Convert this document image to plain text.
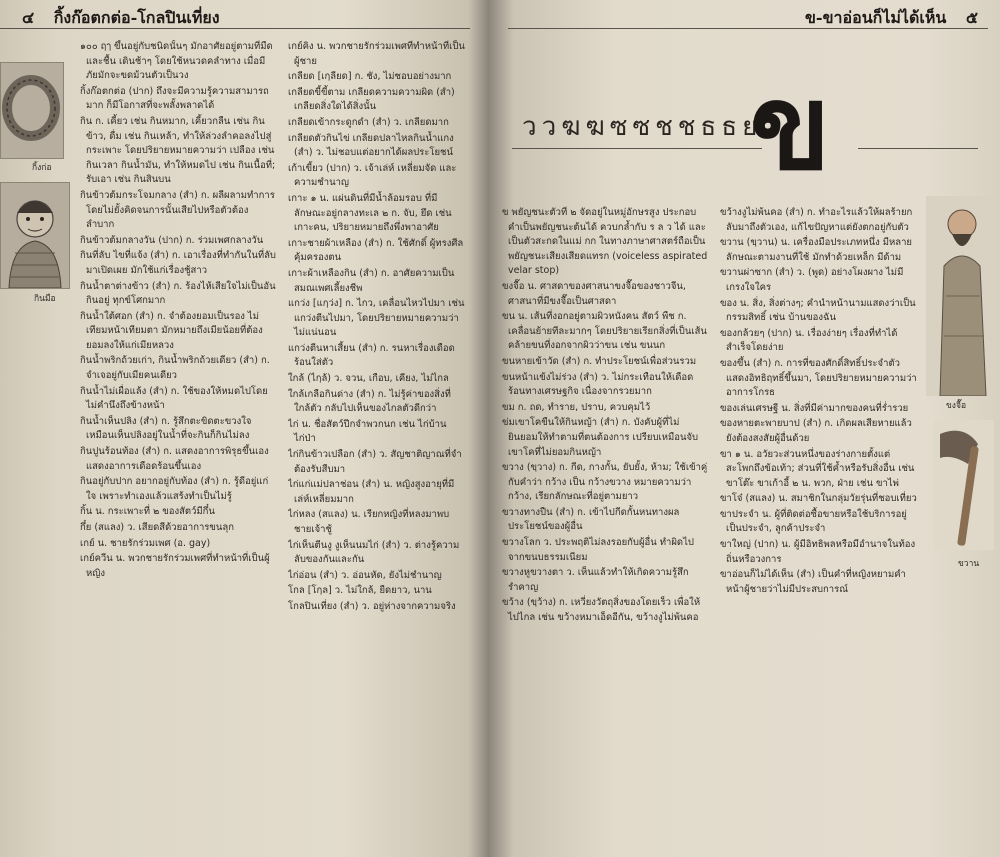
๔ กิ้งก๊อตกต่อ-โกลปินเที่ยง
กิ้งก่อ
กินมือ

๑๐๐ ฤๅ ขึ้นอยู่กับชนิดนั้นๆ มักอาศัยอยู่ตามที่มืดและชื้น เดินช้าๆ โดยใช้หนวดคลำทาง เมื่อมีภัยมักจะขดม้วนตัวเป็นวง

กิ้งก๊อตกต่อ (ปาก) ถึงจะมีความรู้ความสามารถมาก ก็มีโอกาสที่จะพลั้งพลาดได้

กิน ก. เคี้ยว เช่น กินหมาก, เคี้ยวกลืน เช่น กินข้าว, ดื่ม เช่น กินเหล้า, ทำให้ล่วงลำคอลงไปสู่กระเพาะ โดยปริยายหมายความว่า เปลือง เช่น กินเวลา กินน้ำมัน, ทำให้หมดไป เช่น กินเนื้อที่; รับเอา เช่น กินสินบน

กินข้าวต้มกระโจมกลาง (สำ) ก. ผลีผลามทำการโดยไม่ยั้งคิดจนการนั้นเสียไปหรือตัวต้องลำบาก

กินข้าวต้มกลางวัน (ปาก) ก. ร่วมเพศกลางวัน

กินที่ลับ ไขที่แจ้ง (สำ) ก. เอาเรื่องที่ทำกันในที่ลับมาเปิดเผย มักใช้แก่เรื่องชู้สาว

กินน้ำตาต่างข้าว (สำ) ก. ร้องไห้เสียใจไม่เป็นอันกินอยู่ ทุกข์โศกมาก

กินน้ำใต้ศอก (สำ) ก. จำต้องยอมเป็นรอง ไม่เทียมหน้าเทียมตา มักหมายถึงเมียน้อยที่ต้องยอมลงให้แก่เมียหลวง

กินน้ำพริกถ้วยเก่า, กินน้ำพริกถ้วยเดียว (สำ) ก. จำเจอยู่กับเมียคนเดียว

กินน้ำไม่เผื่อแล้ง (สำ) ก. ใช้ของให้หมดไปโดยไม่คำนึงถึงข้างหน้า

กินน้ำเห็นปลิง (สำ) ก. รู้สึกตะขิดตะขวงใจเหมือนเห็นปลิงอยู่ในน้ำที่จะกินก็กินไม่ลง

กินปูนร้อนท้อง (สำ) ก. แสดงอาการพิรุธขึ้นเอง แสดงอาการเดือดร้อนขึ้นเอง

กินอยู่กับปาก อยากอยู่กับท้อง (สำ) ก. รู้ดีอยู่แก่ใจ เพราะทำเองแล้วแสร้งทำเป็นไม่รู้

กิ้น น. กระเพาะที่ ๒ ของสัตว์มีกึ๋น

กึ๋ย (สแลง) ว. เสียดสีด้วยอาการขนลุก

เกย์ น. ชายรักร่วมเพศ (อ. gay)

เกย์ควีน น. พวกชายรักร่วมเพศที่ทำหน้าที่เป็นผู้หญิง

เกย์คิง น. พวกชายรักร่วมเพศที่ทำหน้าที่เป็นผู้ชาย

เกลียด [เกฺลียด] ก. ชัง, ไม่ชอบอย่างมาก

เกลียดขี้ขี้ตาม เกลียดความความผิด (สำ) เกลียดสิ่งใดได้สิ่งนั้น

เกลียดเข้ากระดูกดำ (สำ) ว. เกลียดมาก

เกลียดตัวกินไข่ เกลียดปลาไหลกินน้ำแกง (สำ) ว. ไม่ชอบแต่อยากได้ผลประโยชน์

เก้าเขี้ยว (ปาก) ว. เจ้าเล่ห์ เหลี่ยมจัด และความชำนาญ

เกาะ ๑ น. แผ่นดินที่มีน้ำล้อมรอบ ที่มีลักษณะอยู่กลางทะเล ๒ ก. จับ, ยึด เช่น เกาะคน, ปริยายหมายถึงพึ่งพาอาศัย

เกาะชายผ้าเหลือง (สำ) ก. ใช้ศักดิ์ ผู้ทรงศีลคุ้มครองตน

เกาะผ้าเหลืองกิน (สำ) ก. อาศัยความเป็นสมณเพศเลี้ยงชีพ

แกว่ง [แกฺว่ง] ก. ไกว, เคลื่อนไหวไปมา เช่น แกว่งตีนไปมา, โดยปริยายหมายความว่า ไม่แน่นอน

แกว่งตีนหาเสี้ยน (สำ) ก. รนหาเรื่องเดือดร้อนใส่ตัว

ใกล้ (ไกฺล้) ว. จวน, เกือบ, เคียง, ไม่ไกล

ใกล้เกลือกินด่าง (สำ) ก. ไม่รู้ค่าของสิ่งที่ใกล้ตัว กลับไปเห็นของไกลตัวดีกว่า

ไก่ น. ชื่อสัตว์ปีกจำพวกนก เช่น ไก่บ้าน ไก่ป่า

ไก่กินข้าวเปลือก (สำ) ว. สัญชาติญาณที่จำต้องรับสืบมา

ไก่แก่แม่ปลาช่อน (สำ) น. หญิงสูงอายุที่มีเล่ห์เหลี่ยมมาก

ไก่หลง (สแลง) น. เรียกหญิงที่หลงมาพบชายเจ้าชู้

ไก่เห็นตีนงู งูเห็นนมไก่ (สำ) ว. ต่างรู้ความลับของกันและกัน

ไก่อ่อน (สำ) ว. อ่อนหัด, ยังไม่ชำนาญ

โกล [โกฺล] ว. ไม่ใกล้, ยืดยาว, นาน

โกลปินเที่ยง (สำ) ว. อยู่ห่างจากความจริง

ข-ขาอ่อนก็ไม่ได้เห็น ๕
ววฆฆซซชชธธย
ข

ข พยัญชนะตัวที่ ๒ จัดอยู่ในหมู่อักษรสูง ประกอบคำเป็นพยัญชนะต้นได้ ควบกล้ำกับ ร ล ว ได้ และเป็นตัวสะกดในแม่ กก ในทางภาษาศาสตร์ถือเป็นพยัญชนะเสียงเสียดแทรก (voiceless aspirated velar stop)

ขงจื๊อ น. ศาสดาของศาสนาขงจื๊อของชาวจีน, ศาสนาที่มีขงจื๊อเป็นศาสดา

ขน น. เส้นที่งอกอยู่ตามผิวหนังคน สัตว์ พืช ก. เคลื่อนย้ายทีละมากๆ โดยปริยายเรียกสิ่งที่เป็นเส้นคล้ายขนที่งอกจากผิวว่าขน เช่น ขนนก

ขนหายเข้าวัด (สำ) ก. ทำประโยชน์เพื่อส่วนรวม

ขนหน้าแข้งไม่ร่วง (สำ) ว. ไม่กระเทือนให้เดือดร้อนทางเศรษฐกิจ เนื่องจากรวยมาก

ขม ก. ถด, ทำราย, ปราบ, ควบคุมไว้

ข่มเขาโคขืนให้กินหญ้า (สำ) ก. บังคับผู้ที่ไม่ยินยอมให้ทำตามที่ตนต้องการ เปรียบเหมือนจับเขาโคที่ไม่ยอมกินหญ้า

ขวาง (ขฺวาง) ก. กีด, กางกั้น, ยับยั้ง, ห้าม; ใช้เข้าคู่กับคำว่า กว้าง เป็น กว้างขวาง หมายความว่า กว้าง, เรียกลักษณะที่อยู่ตามยาว

ขวางทางปืน (สำ) ก. เข้าไปกีดกั้นหนทางผลประโยชน์ของผู้อื่น

ขวางโลก ว. ประพฤติไม่ลงรอยกับผู้อื่น ทำผิดไปจากขนบธรรมเนียม

ขวางหูขวางตา ว. เห็นแล้วทำให้เกิดความรู้สึกรำคาญ

ขว้าง (ขฺว้าง) ก. เหวี่ยงวัตถุสิ่งของโดยเร็ว เพื่อให้ไปไกล เช่น ขว้างหมาเอ็ดอีกัน, ขว้างงูไม่พ้นคอ

ขว้างงูไม่พ้นคอ (สำ) ก. ทำอะไรแล้วให้ผลร้ายกลับมาถึงตัวเอง, แก้ไขปัญหาแต่ยังตกอยู่กับตัว

ขวาน (ขฺวาน) น. เครื่องมือประเภทหนึ่ง มีหลายลักษณะตามงานที่ใช้ มักทำด้วยเหล็ก มีด้าม

ขวานผ่าซาก (สำ) ว. (พูด) อย่างโผงผาง ไม่มีเกรงใจใคร

ของ น. สิ่ง, สิ่งต่างๆ; คำนำหน้านามแสดงว่าเป็นกรรมสิทธิ์ เช่น บ้านของฉัน

ของกล้วยๆ (ปาก) น. เรื่องง่ายๆ เรื่องที่ทำได้สำเร็จโดยง่าย

ของขึ้น (สำ) ก. การที่ของศักดิ์สิทธิ์ประจำตัวแสดงอิทธิฤทธิ์ขึ้นมา, โดยปริยายหมายความว่า อาการโกรธ

ของเล่นเศรษฐี น. สิ่งที่มีค่ามากของคนที่ร่ำรวย

ของหายตะพายบาป (สำ) ก. เกิดผลเสียหายแล้วยังต้องสงสัยผู้อื่นด้วย

ขา ๑ น. อวัยวะส่วนหนึ่งของร่างกายตั้งแต่สะโพกถึงข้อเท้า; ส่วนที่ใช้ค้ำหรือรับสิ่งอื่น เช่น ขาโต๊ะ ขาเก้าอี้ ๒ น. พวก, ฝ่าย เช่น ขาไพ่

ขาโจ๋ (สแลง) น. สมาชิกในกลุ่มวัยรุ่นที่ชอบเที่ยว

ขาประจำ น. ผู้ที่ติดต่อซื้อขายหรือใช้บริการอยู่เป็นประจำ, ลูกค้าประจำ

ขาใหญ่ (ปาก) น. ผู้มีอิทธิพลหรือมีอำนาจในท้องถิ่นหรือวงการ

ขาอ่อนก็ไม่ได้เห็น (สำ) เป็นคำที่หญิงหยามคำหน้าผู้ชายว่าไม่มีประสบการณ์

ขงจื๊อ
ขวาน
